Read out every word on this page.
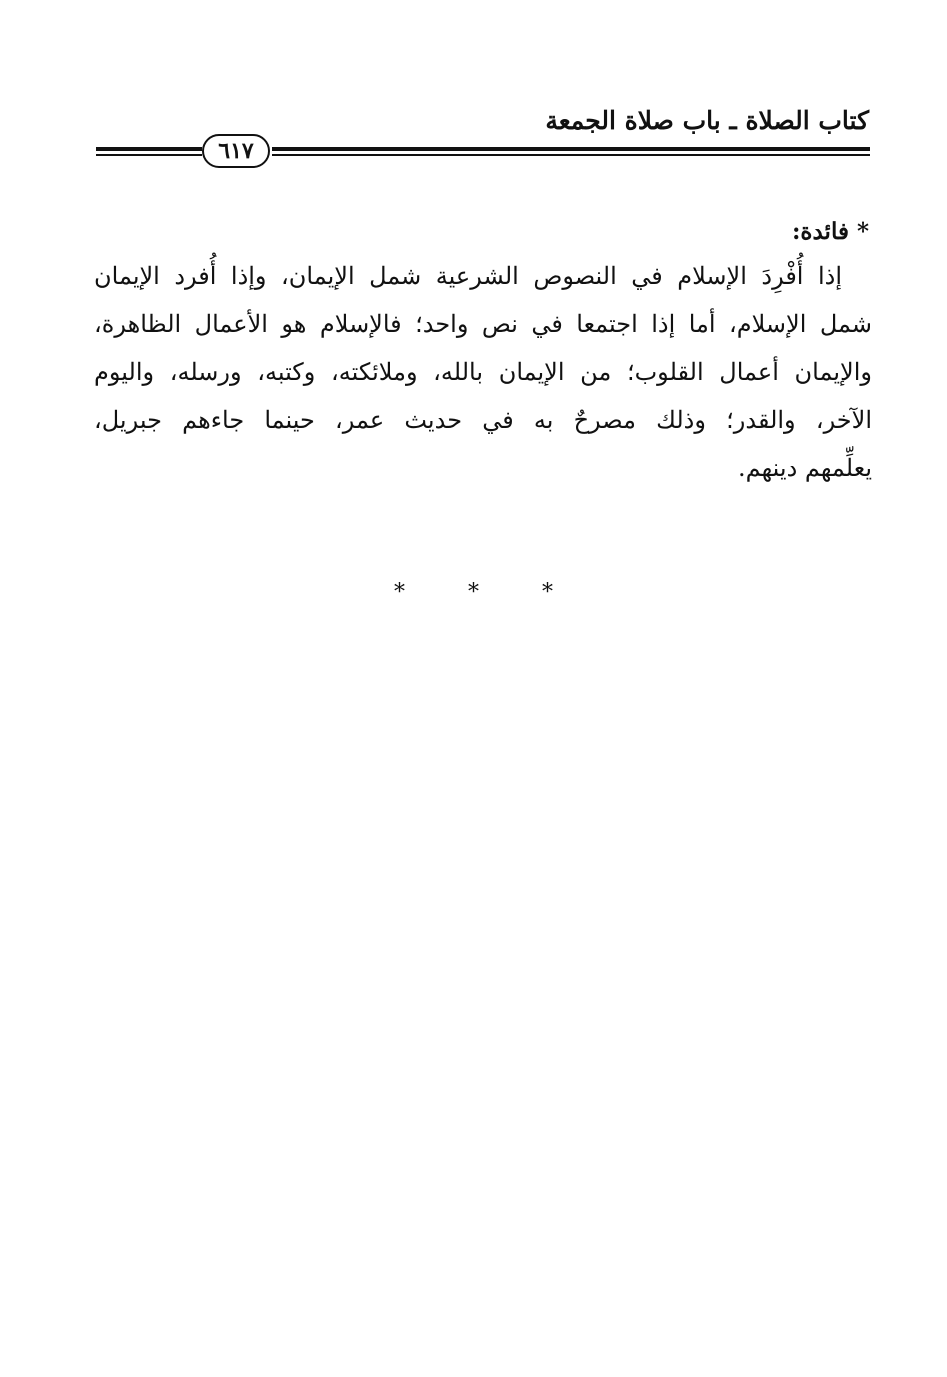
كتاب الصلاة ـ باب صلاة الجمعة
٦١٧
* فائدة:
إذا أُفْرِدَ الإسلام في النصوص الشرعية شمل الإيمان، وإذا أُفرد الإيمان
شمل الإسلام، أما إذا اجتمعا في نص واحد؛ فالإسلام هو الأعمال الظاهرة،
والإيمان أعمال القلوب؛ من الإيمان بالله، وملائكته، وكتبه، ورسله، واليوم
الآخر، والقدر؛ وذلك مصرحٌ به في حديث عمر، حينما جاءهم جبريل،
يعلِّمهم دينهم.
* * *
